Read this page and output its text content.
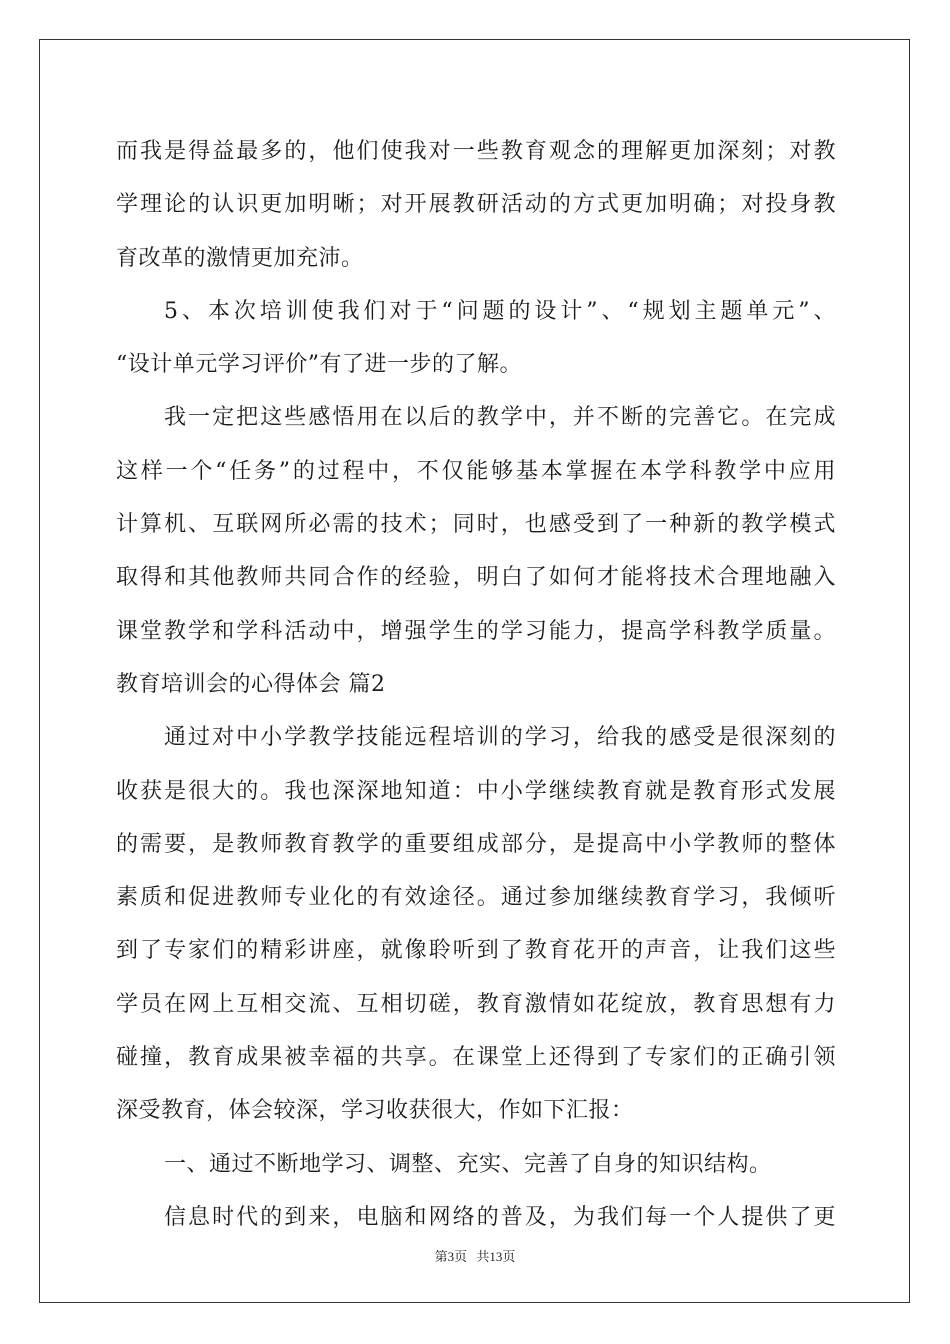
而我是得益最多的，他们使我对一些教育观念的理解更加深刻；对教
学理论的认识更加明晰；对开展教研活动的方式更加明确；对投身教
育改革的激情更加充沛。
5、本次培训使我们对于“问题的设计”、“规划主题单元”、
“设计单元学习评价”有了进一步的了解。
我一定把这些感悟用在以后的教学中，并不断的完善它。在完成
这样一个“任务”的过程中，不仅能够基本掌握在本学科教学中应用
计算机、互联网所必需的技术；同时，也感受到了一种新的教学模式
取得和其他教师共同合作的经验，明白了如何才能将技术合理地融入
课堂教学和学科活动中，增强学生的学习能力，提高学科教学质量。
教育培训会的心得体会 篇2
通过对中小学教学技能远程培训的学习，给我的感受是很深刻的
收获是很大的。我也深深地知道：中小学继续教育就是教育形式发展
的需要，是教师教育教学的重要组成部分，是提高中小学教师的整体
素质和促进教师专业化的有效途径。通过参加继续教育学习，我倾听
到了专家们的精彩讲座，就像聆听到了教育花开的声音，让我们这些
学员在网上互相交流、互相切磋，教育激情如花绽放，教育思想有力
碰撞，教育成果被幸福的共享。在课堂上还得到了专家们的正确引领
深受教育，体会较深，学习收获很大，作如下汇报：
一、通过不断地学习、调整、充实、完善了自身的知识结构。
信息时代的到来，电脑和网络的普及，为我们每一个人提供了更
第3页 共13页
